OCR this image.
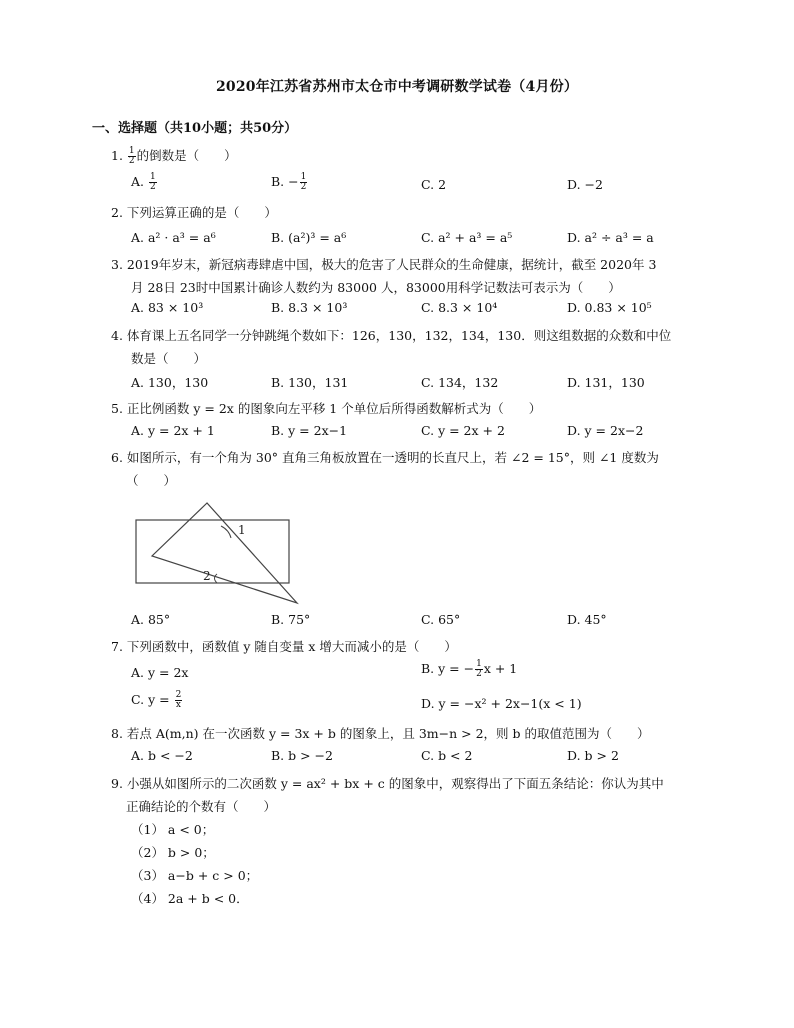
2020年江苏省苏州市太仓市中考调研数学试卷（4月份）
一、选择题（共10小题；共50分）
1. $\frac{1}{2}$ 的倒数是（　　）
A. $\frac{1}{2}$	B. − $\frac{1}{2}$	C. 2	D. −2
2. 下列运算正确的是（　　）
A. a² · a³ = a⁶	B. (a²)³ = a⁶	C. a² + a³ = a⁵	D. a² ÷ a³ = a
3. 2019年岁末，新冠病毒肆虐中国，极大的危害了人民群众的生命健康，据统计，截至 2020年 3
月 28日 23时中国累计确诊人数约为 83000 人，83000用科学记数法可表示为（　　）
A. 83 × 10³	B. 8.3 × 10³	C. 8.3 × 10⁴	D. 0.83 × 10⁵
4. 体育课上五名同学一分钟跳绳个数如下：126，130，132，134，130．则这组数据的众数和中位
数是（　　）
A. 130，130	B. 130，131	C. 134，132	D. 131，130
5. 正比例函数 y = 2x 的图象向左平移 1 个单位后所得函数解析式为（　　）
A. y = 2x + 1	B. y = 2x−1	C. y = 2x + 2	D. y = 2x−2
6. 如图所示，有一个角为 30° 直角三角板放置在一透明的长直尺上，若 ∠2 = 15°，则 ∠1 度数为
（　　）
1
2
A. 85°	B. 75°	C. 65°	D. 45°
7. 下列函数中，函数值 y 随自变量 x 增大而减小的是（　　）
A. y = 2x	B. y = − $\frac{1}{2}$ x + 1
C. $y = \frac{2}{x}$	D. y = −x² + 2x−1(x < 1)
8. 若点 A(m,n) 在一次函数 y = 3x + b 的图象上，且 3m−n > 2，则 b 的取值范围为（　　）
A. b < −2	B. b > −2	C. b < 2	D. b > 2
9. 小强从如图所示的二次函数 y = ax² + bx + c 的图象中，观察得出了下面五条结论：你认为其中
正确结论的个数有（　　）
（1） a < 0；
（2） b > 0；
（3） a−b + c > 0；
（4） 2a + b < 0．
